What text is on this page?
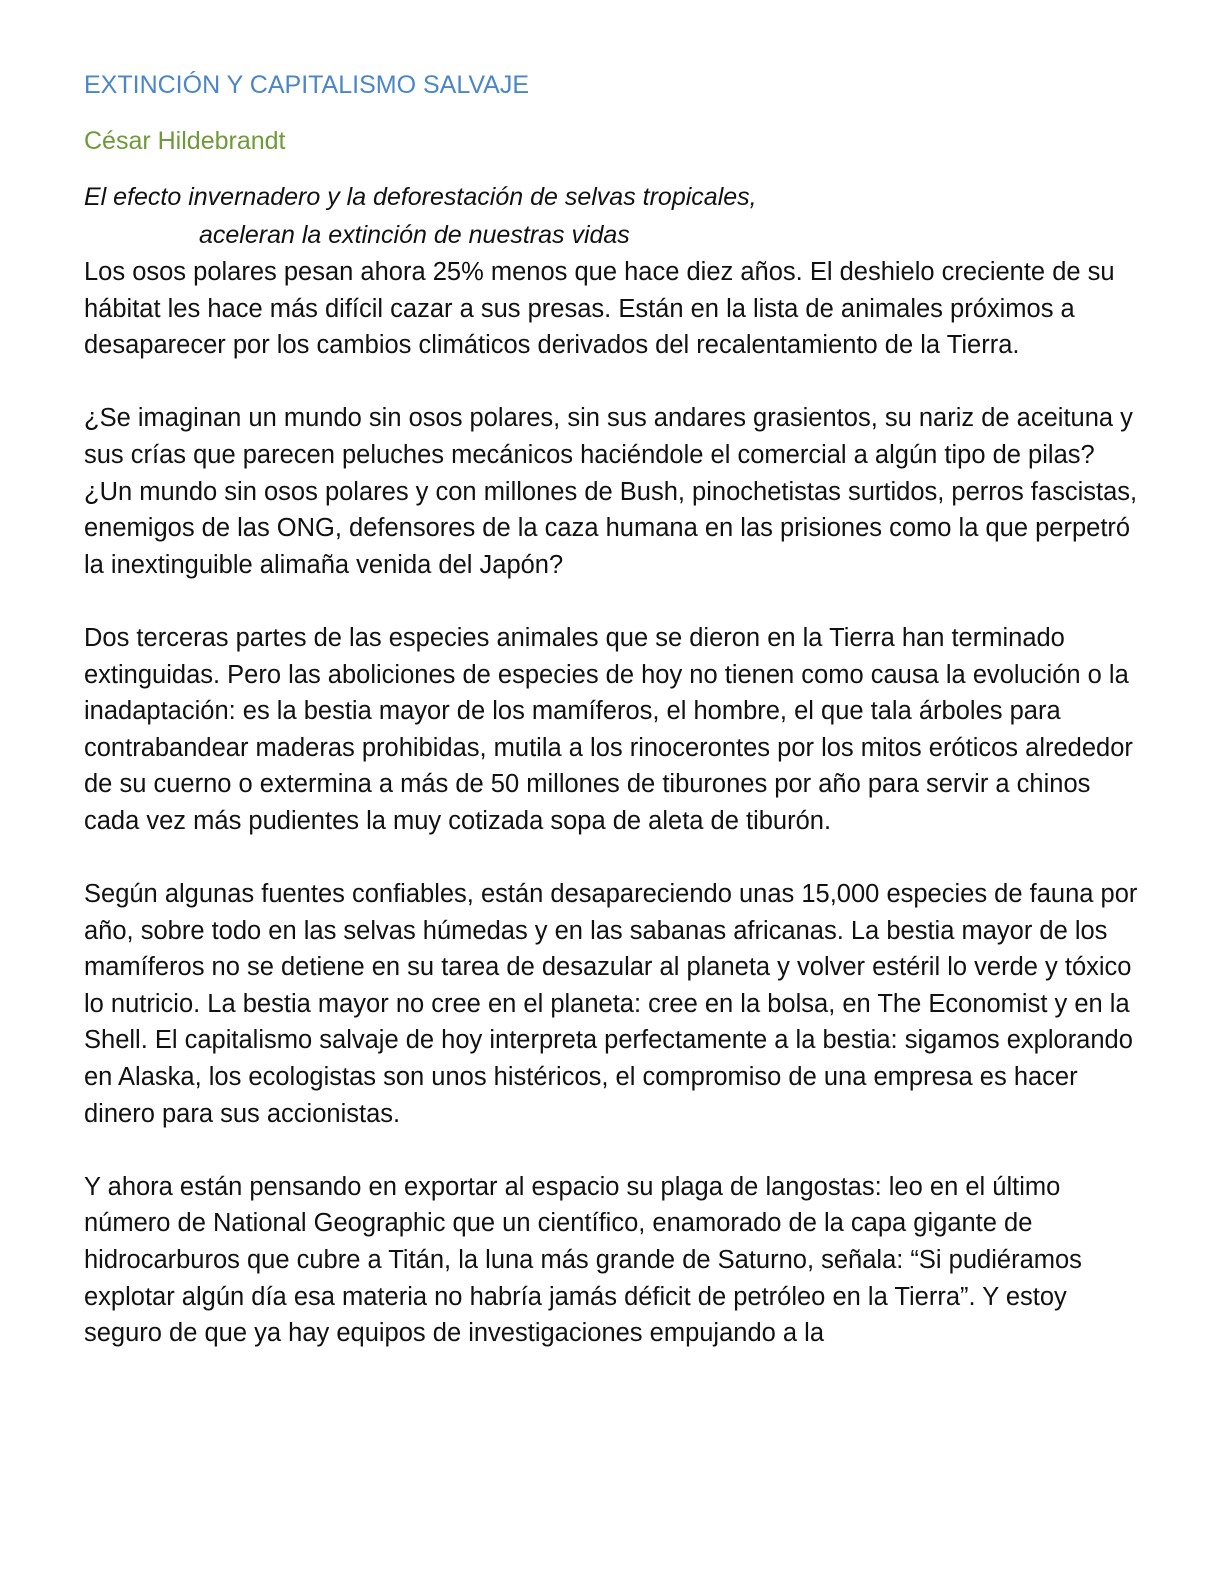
EXTINCIÓN Y CAPITALISMO SALVAJE
César Hildebrandt

El efecto invernadero y la deforestación de selvas tropicales,
aceleran la extinción de nuestras vidas

Los osos polares pesan ahora 25% menos que hace diez años. El deshielo creciente de su hábitat les hace más difícil cazar a sus presas. Están en la lista de animales próximos a desaparecer por los cambios climáticos derivados del recalentamiento de la Tierra.

¿Se imaginan un mundo sin osos polares, sin sus andares grasientos, su nariz de aceituna y sus crías que parecen peluches mecánicos haciéndole el comercial a algún tipo de pilas? ¿Un mundo sin osos polares y con millones de Bush, pinochetistas surtidos, perros fascistas, enemigos de las ONG, defensores de la caza humana en las prisiones como la que perpetró la inextinguible alimaña venida del Japón?

Dos terceras partes de las especies animales que se dieron en la Tierra han terminado extinguidas. Pero las aboliciones de especies de hoy no tienen como causa la evolución o la inadaptación: es la bestia mayor de los mamíferos, el hombre, el que tala árboles para contrabandear maderas prohibidas, mutila a los rinocerontes por los mitos eróticos alrededor de su cuerno o extermina a más de 50 millones de tiburones por año para servir a chinos cada vez más pudientes la muy cotizada sopa de aleta de tiburón.

Según algunas fuentes confiables, están desapareciendo unas 15,000 especies de fauna por año, sobre todo en las selvas húmedas y en las sabanas africanas. La bestia mayor de los mamíferos no se detiene en su tarea de desazular al planeta y volver estéril lo verde y tóxico lo nutricio. La bestia mayor no cree en el planeta: cree en la bolsa, en The Economist y en la Shell. El capitalismo salvaje de hoy interpreta perfectamente a la bestia: sigamos explorando en Alaska, los ecologistas son unos histéricos, el compromiso de una empresa es hacer dinero para sus accionistas.

Y ahora están pensando en exportar al espacio su plaga de langostas: leo en el último número de National Geographic que un científico, enamorado de la capa gigante de hidrocarburos que cubre a Titán, la luna más grande de Saturno, señala: “Si pudiéramos explotar algún día esa materia no habría jamás déficit de petróleo en la Tierra”. Y estoy seguro de que ya hay equipos de investigaciones empujando a la
